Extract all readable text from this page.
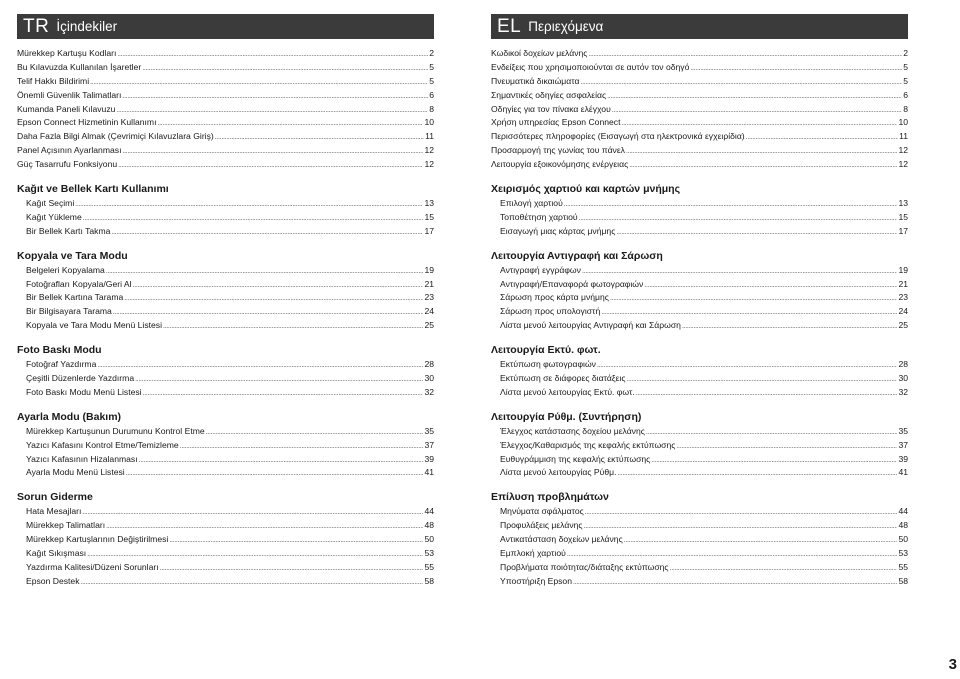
TR İçindekiler
Mürekkep Kartuşu Kodları .....	2
Bu Kılavuzda Kullanılan İşaretler .....	5
Telif Hakkı Bildirimi .....	5
Önemli Güvenlik Talimatları .....	6
Kumanda Paneli Kılavuzu .....	8
Epson Connect Hizmetinin Kullanımı .....	10
Daha Fazla Bilgi Almak (Çevrimiçi Kılavuzlara Giriş) .....	11
Panel Açısının Ayarlanması .....	12
Güç Tasarrufu Fonksiyonu .....	12
Kağıt ve Bellek Kartı Kullanımı
Kağıt Seçimi .....	13
Kağıt Yükleme .....	15
Bir Bellek Kartı Takma .....	17
Kopyala ve Tara Modu
Belgeleri Kopyalama .....	19
Fotoğrafları Kopyala/Geri Al .....	21
Bir Bellek Kartına Tarama .....	23
Bir Bilgisayara Tarama .....	24
Kopyala ve Tara Modu Menü Listesi .....	25
Foto Baskı Modu
Fotoğraf Yazdırma .....	28
Çeşitli Düzenlerde Yazdırma .....	30
Foto Baskı Modu Menü Listesi .....	32
Ayarla Modu (Bakım)
Mürekkep Kartuşunun Durumunu Kontrol Etme .....	35
Yazıcı Kafasını Kontrol Etme/Temizleme .....	37
Yazıcı Kafasının Hizalanması .....	39
Ayarla Modu Menü Listesi .....	41
Sorun Giderme
Hata Mesajları .....	44
Mürekkep Talimatları .....	48
Mürekkep Kartuşlarının Değiştirilmesi .....	50
Kağıt Sıkışması .....	53
Yazdırma Kalitesi/Düzeni Sorunları .....	55
Epson Destek .....	58
EL Περιεχόμενα
Κωδικοί δοχείων μελάνης .....	2
Ενδείξεις που χρησιμοποιούνται σε αυτόν τον οδηγό .....	5
Πνευματικά δικαιώματα .....	5
Σημαντικές οδηγίες ασφαλείας .....	6
Οδηγίες για τον πίνακα ελέγχου .....	8
Χρήση υπηρεσίας Epson Connect .....	10
Περισσότερες πληροφορίες (Εισαγωγή στα ηλεκτρονικά εγχειρίδια) .....	11
Προσαρμογή της γωνίας του πάνελ .....	12
Λειτουργία εξοικονόμησης ενέργειας .....	12
Χειρισμός χαρτιού και καρτών μνήμης
Επιλογή χαρτιού .....	13
Τοποθέτηση χαρτιού .....	15
Εισαγωγή μιας κάρτας μνήμης .....	17
Λειτουργία Αντιγραφή και Σάρωση
Αντιγραφή εγγράφων .....	19
Αντιγραφή/Επαναφορά φωτογραφιών .....	21
Σάρωση προς κάρτα μνήμης .....	23
Σάρωση προς υπολογιστή .....	24
Λίστα μενού λειτουργίας Αντιγραφή και Σάρωση .....	25
Λειτουργία Εκτύ. φωτ.
Εκτύπωση φωτογραφιών .....	28
Εκτύπωση σε διάφορες διατάξεις .....	30
Λίστα μενού λειτουργίας Εκτύ. φωτ. .....	32
Λειτουργία Ρύθμ. (Συντήρηση)
Έλεγχος κατάστασης δοχείου μελάνης .....	35
Έλεγχος/Καθαρισμός της κεφαλής εκτύπωσης .....	37
Ευθυγράμμιση της κεφαλής εκτύπωσης .....	39
Λίστα μενού λειτουργίας Ρύθμ. .....	41
Επίλυση προβλημάτων
Μηνύματα σφάλματος .....	44
Προφυλάξεις μελάνης .....	48
Αντικατάσταση δοχείων μελάνης .....	50
Εμπλοκή χαρτιού .....	53
Προβλήματα ποιότητας/διάταξης εκτύπωσης .....	55
Υποστήριξη Epson .....	58
3
